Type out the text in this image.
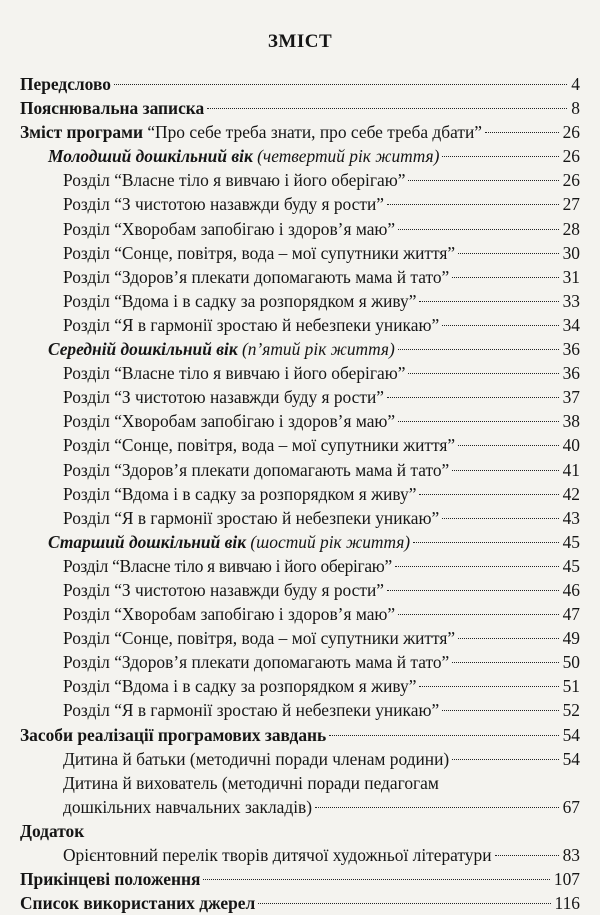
ЗМІСТ
Передслово	4
Пояснювальна записка	8
Зміст програми “Про себе треба знати, про себе треба дбати”	26
Молодший дошкільний вік (четвертий рік життя)	26
Розділ “Власне тіло я вивчаю і його оберігаю”	26
Розділ “З чистотою назавжди буду я рости”	27
Розділ “Хворобам запобігаю і здоров’я маю”	28
Розділ “Сонце, повітря, вода – мої супутники життя”	30
Розділ “Здоров’я плекати допомагають мама й тато”	31
Розділ “Вдома і в садку за розпорядком я живу”	33
Розділ “Я в гармонії зростаю й небезпеки уникаю”	34
Середній дошкільний вік (п’ятий рік життя)	36
Розділ “Власне тіло я вивчаю і його оберігаю”	36
Розділ “З чистотою назавжди буду я рости”	37
Розділ “Хворобам запобігаю і здоров’я маю”	38
Розділ “Сонце, повітря, вода – мої супутники життя”	40
Розділ “Здоров’я плекати допомагають мама й тато”	41
Розділ “Вдома і в садку за розпорядком я живу”	42
Розділ “Я в гармонії зростаю й небезпеки уникаю”	43
Старший дошкільний вік (шостий рік життя)	45
Розділ “Власне тіло я вивчаю і його оберігаю”	45
Розділ “З чистотою назавжди буду я рости”	46
Розділ “Хворобам запобігаю і здоров’я маю”	47
Розділ “Сонце, повітря, вода – мої супутники життя”	49
Розділ “Здоров’я плекати допомагають мама й тато”	50
Розділ “Вдома і в садку за розпорядком я живу”	51
Розділ “Я в гармонії зростаю й небезпеки уникаю”	52
Засоби реалізації програмових завдань	54
Дитина й батьки (методичні поради членам родини)	54
Дитина й вихователь (методичні поради педагогам
дошкільних навчальних закладів)	67
Додаток
Орієнтовний перелік творів дитячої художньої літератури	83
Прикінцеві положення	107
Список використаних джерел	116
